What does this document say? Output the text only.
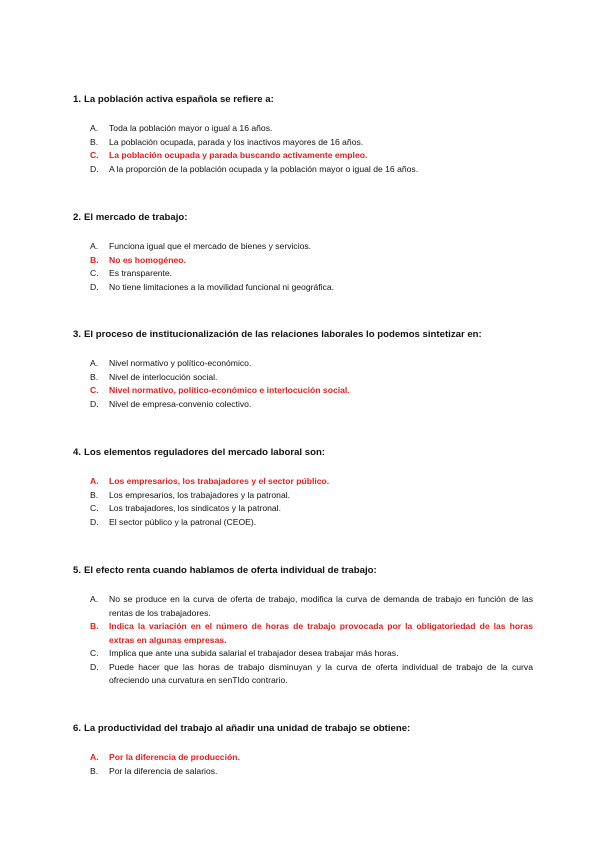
1. La población activa española se refiere a:
A.	Toda la población mayor o igual a 16 años.
B.	La población ocupada, parada y los inactivos mayores de 16 años.
C.	La población ocupada y parada buscando activamente empleo.
D.	A la proporción de la población ocupada y la población mayor o igual de 16 años.
2. El mercado de trabajo:
A.	Funciona igual que el mercado de bienes y servicios.
B.	No es homogéneo.
C.	Es transparente.
D.	No tiene limitaciones a la movilidad funcional ni geográfica.
3. El proceso de institucionalización de las relaciones laborales lo podemos sintetizar en:
A.	Nivel normativo y político-económico.
B.	Nivel de interlocución social.
C.	Nivel normativo, político-económico e interlocución social.
D.	Nivel de empresa-convenio colectivo.
4. Los elementos reguladores del mercado laboral son:
A.	Los empresarios, los trabajadores y el sector público.
B.	Los empresarios, los trabajadores y la patronal.
C.	Los trabajadores, los sindicatos y la patronal.
D.	El sector público y la patronal (CEOE).
5. El efecto renta cuando hablamos de oferta individual de trabajo:
A.	No se produce en la curva de oferta de trabajo, modifica la curva de demanda de trabajo en función de las rentas de los trabajadores.
B.	Indica la variación en el número de horas de trabajo provocada por la obligatoriedad de las horas extras en algunas empresas.
C.	Implica que ante una subida salarial el trabajador desea trabajar más horas.
D.	Puede hacer que las horas de trabajo disminuyan y la curva de oferta individual de trabajo de la curva ofreciendo una curvatura en senTIdo contrario.
6. La productividad del trabajo al añadir una unidad de trabajo se obtiene:
A.	Por la diferencia de producción.
B.	Por la diferencia de salarios.
